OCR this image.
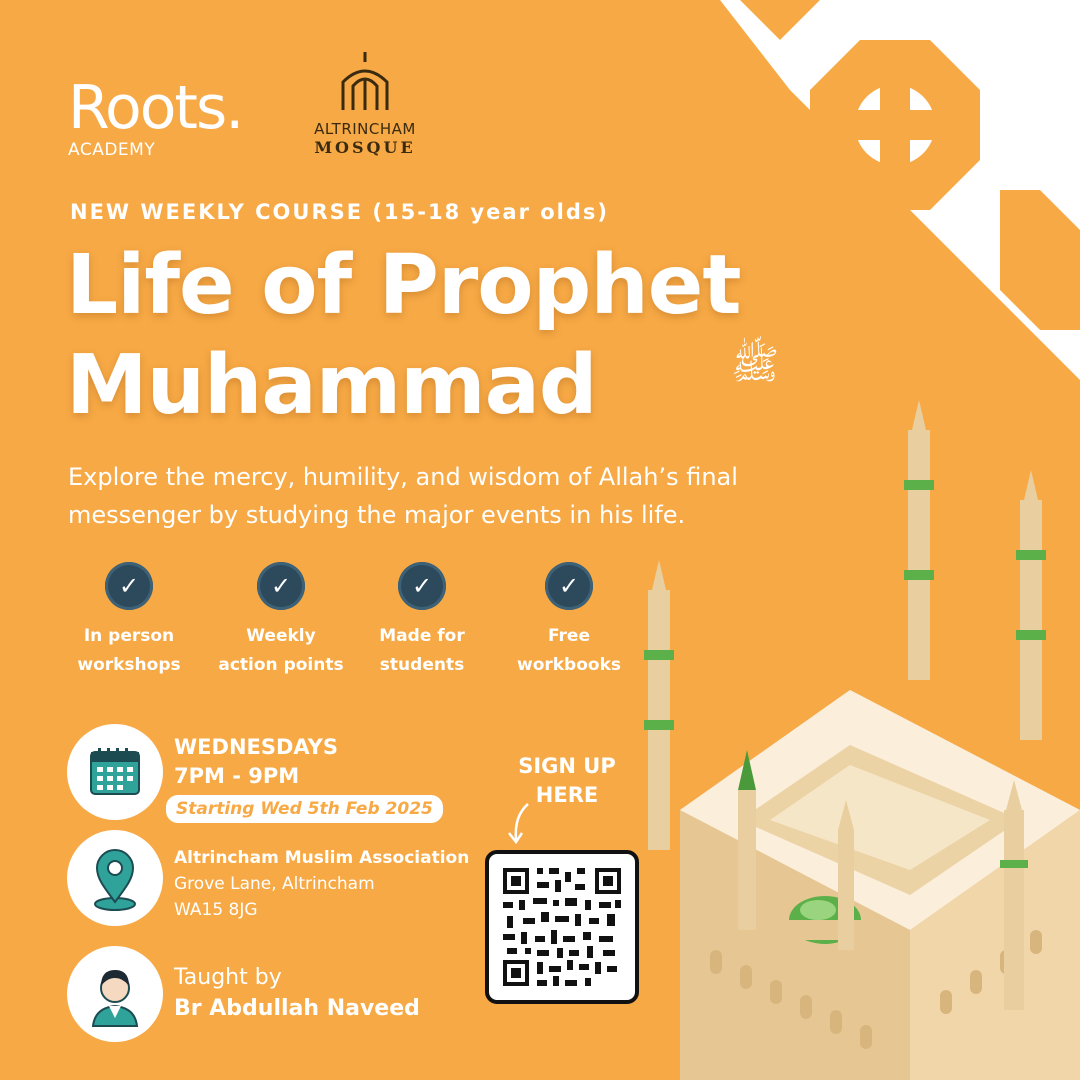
Roots.
ACADEMY
ALTRINCHAM
MOSQUE
NEW WEEKLY COURSE (15-18 year olds)
Life of Prophet
Muhammad	ﷺ
Explore the mercy, humility, and wisdom of Allah’s final messenger by studying the major events in his life.
✓
In person
workshops
✓
Weekly
action points
✓
Made for
students
✓
Free
workbooks
WEDNESDAYS
7PM - 9PM
Starting Wed 5th Feb 2025
Altrincham Muslim Association
Grove Lane, Altrincham
WA15 8JG
Taught by
Br Abdullah Naveed
SIGN UP
HERE
